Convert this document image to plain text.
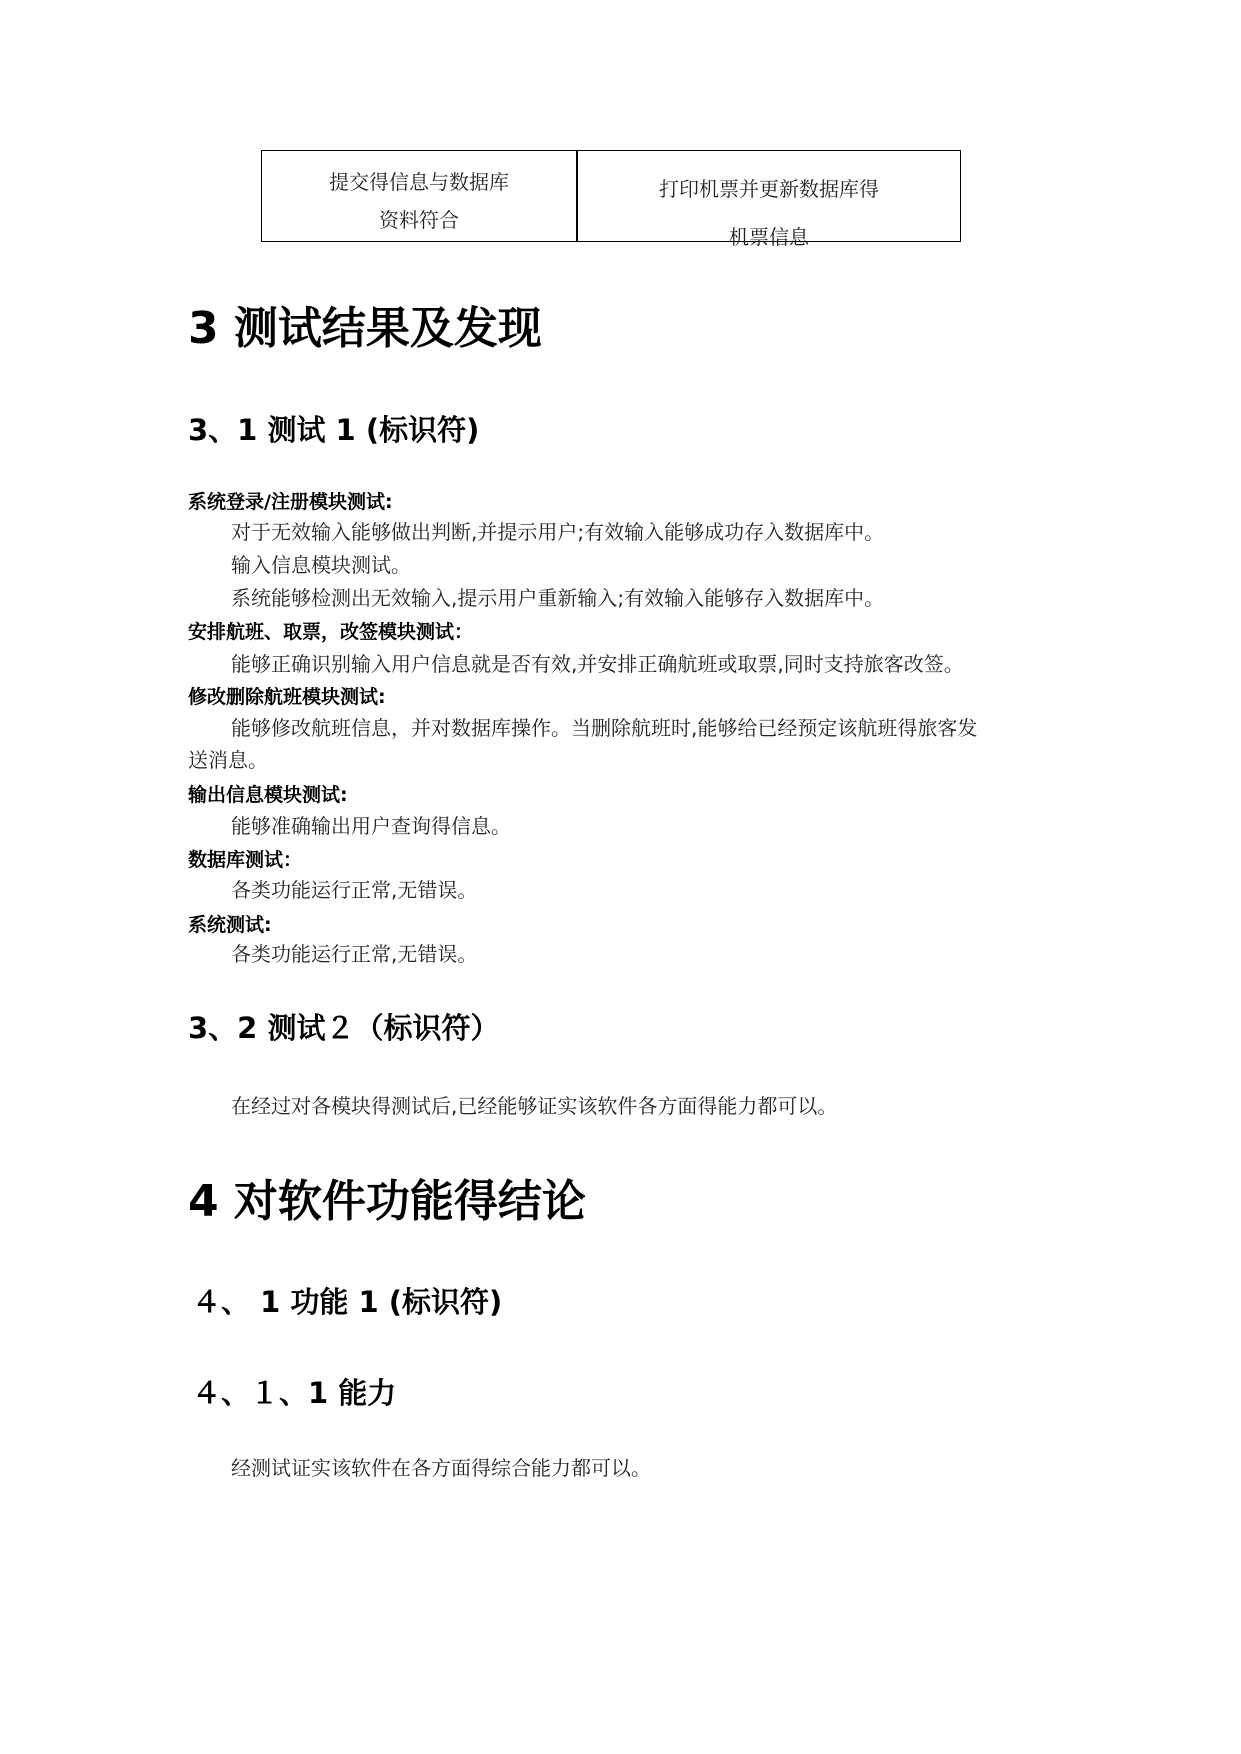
提交得信息与数据库
资料符合
打印机票并更新数据库得
机票信息
3 测试结果及发现
3、1 测试 1 (标识符)
系统登录/注册模块测试:
对于无效输入能够做出判断,并提示用户;有效输入能够成功存入数据库中。
输入信息模块测试。
系统能够检测出无效输入,提示用户重新输入;有效输入能够存入数据库中。
安排航班、取票，改签模块测试：
能够正确识别输入用户信息就是否有效,并安排正确航班或取票,同时支持旅客改签。
修改删除航班模块测试:
能够修改航班信息，并对数据库操作。当删除航班时,能够给已经预定该航班得旅客发
送消息。
输出信息模块测试:
能够准确输出用户查询得信息。
数据库测试：
各类功能运行正常,无错误。
系统测试:
各类功能运行正常,无错误。
3、2 测试２（标识符）
在经过对各模块得测试后,已经能够证实该软件各方面得能力都可以。
4 对软件功能得结论
４、 1 功能 1 (标识符)
４、１、1 能力
经测试证实该软件在各方面得综合能力都可以。
